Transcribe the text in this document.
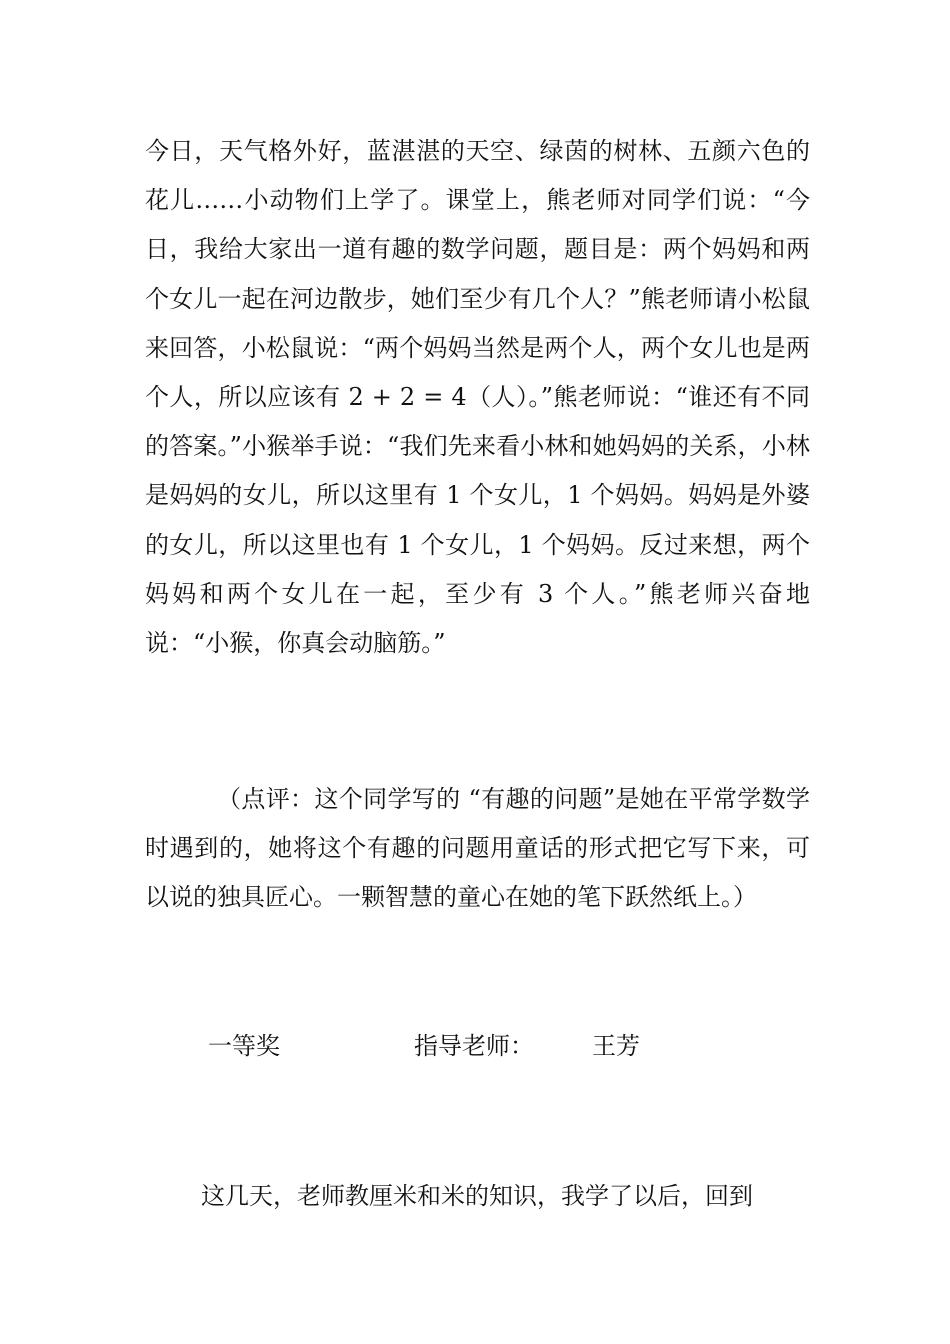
今日，天气格外好，蓝湛湛的天空、绿茵的树林、五颜六色的花儿……小动物们上学了。课堂上，熊老师对同学们说：“今日，我给大家出一道有趣的数学问题，题目是：两个妈妈和两个女儿一起在河边散步，她们至少有几个人？”熊老师请小松鼠来回答，小松鼠说：“两个妈妈当然是两个人，两个女儿也是两个人，所以应该有 2 + 2 = 4（人）。”熊老师说：“谁还有不同的答案。”小猴举手说：“我们先来看小林和她妈妈的关系，小林是妈妈的女儿，所以这里有 1 个女儿，1 个妈妈。妈妈是外婆的女儿，所以这里也有 1 个女儿，1 个妈妈。反过来想，两个妈妈和两个女儿在一起，至少有 3 个人。”熊老师兴奋地说：“小猴，你真会动脑筋。”

（点评：这个同学写的 “有趣的问题”是她在平常学数学时遇到的，她将这个有趣的问题用童话的形式把它写下来，可以说的独具匠心。一颗智慧的童心在她的笔下跃然纸上。）

一等奖	指导老师： 王芳

这几天，老师教厘米和米的知识，我学了以后，回到
